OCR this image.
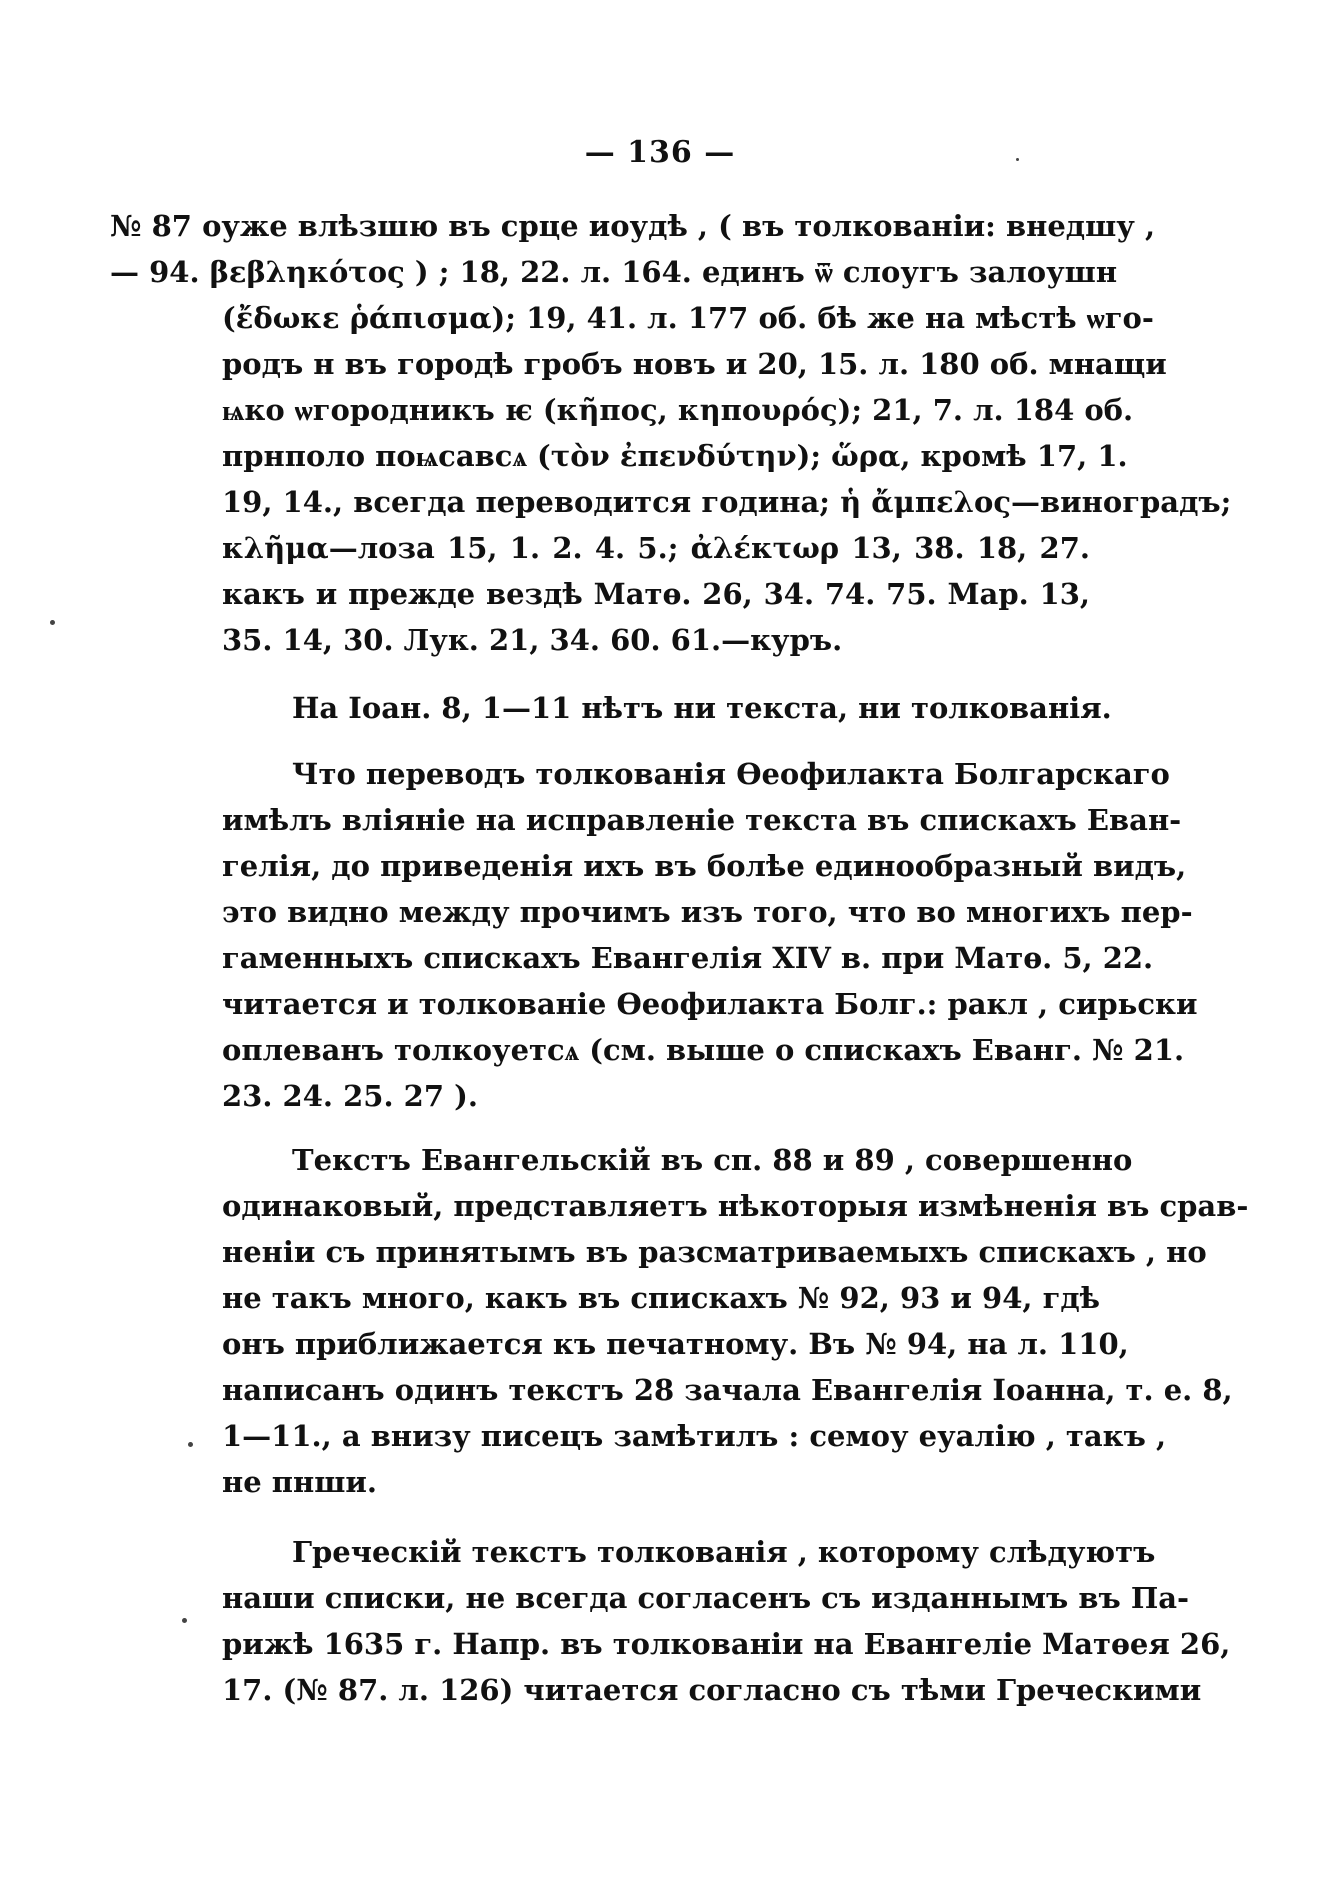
— 136 —
№ 87 оуже влѣзшю въ срце иоудѣ , ( въ толкованіи: внедшу ,
— 94. βεβληκότος ) ; 18, 22. л. 164. единъ ѿ слоугъ залоушн
(ἔδωκε ῥάπισμα); 19, 41. л. 177 об. бѣ же на мѣстѣ ѡго-
родъ н въ городѣ гробъ новъ и 20, 15. л. 180 об. мнащи
ѩко ѡгородникъ ѥ (κῆπος, κηπουρός); 21, 7. л. 184 об.
прнполо поѩсавсѧ (τὸν ἐπενδύτην); ὥρα, кромѣ 17, 1.
19, 14., всегда переводится година; ἡ ἄμπελος—виноградъ;
κλῆμα—лоза 15, 1. 2. 4. 5.; ἀλέκτωρ 13, 38. 18, 27.
какъ и прежде вездѣ Матѳ. 26, 34. 74. 75. Мар. 13,
35. 14, 30. Лук. 21, 34. 60. 61.—куръ.
На Іоан. 8, 1—11 нѣтъ ни текста, ни толкованія.
Что переводъ толкованія Ѳеофилакта Болгарскаго
имѣлъ вліяніе на исправленіе текста въ спискахъ Еван-
гелія, до приведенія ихъ въ болѣе единообразный видъ,
это видно между прочимъ изъ того, что во многихъ пер-
гаменныхъ спискахъ Евангелія XIV в. при Матѳ. 5, 22.
читается и толкованіе Ѳеофилакта Болг.: ракл , сирьски
оплеванъ толкоуетсѧ (см. выше о спискахъ Еванг. № 21.
23. 24. 25. 27 ).
Текстъ Евангельскій въ сп. 88 и 89 , совершенно
одинаковый, представляетъ нѣкоторыя измѣненія въ срав-
неніи съ принятымъ въ разсматриваемыхъ спискахъ , но
не такъ много, какъ въ спискахъ № 92, 93 и 94, гдѣ
онъ приближается къ печатному. Въ № 94, на л. 110,
написанъ одинъ текстъ 28 зачала Евангелія Іоанна, т. е. 8,
1—11., а внизу писецъ замѣтилъ : семоу еуалію , такъ ,
не пнши.
Греческій текстъ толкованія , которому слѣдуютъ
наши списки, не всегда согласенъ съ изданнымъ въ Па-
рижѣ 1635 г. Напр. въ толкованіи на Евангеліе Матѳея 26,
17. (№ 87. л. 126) читается согласно съ тѣми Греческими
